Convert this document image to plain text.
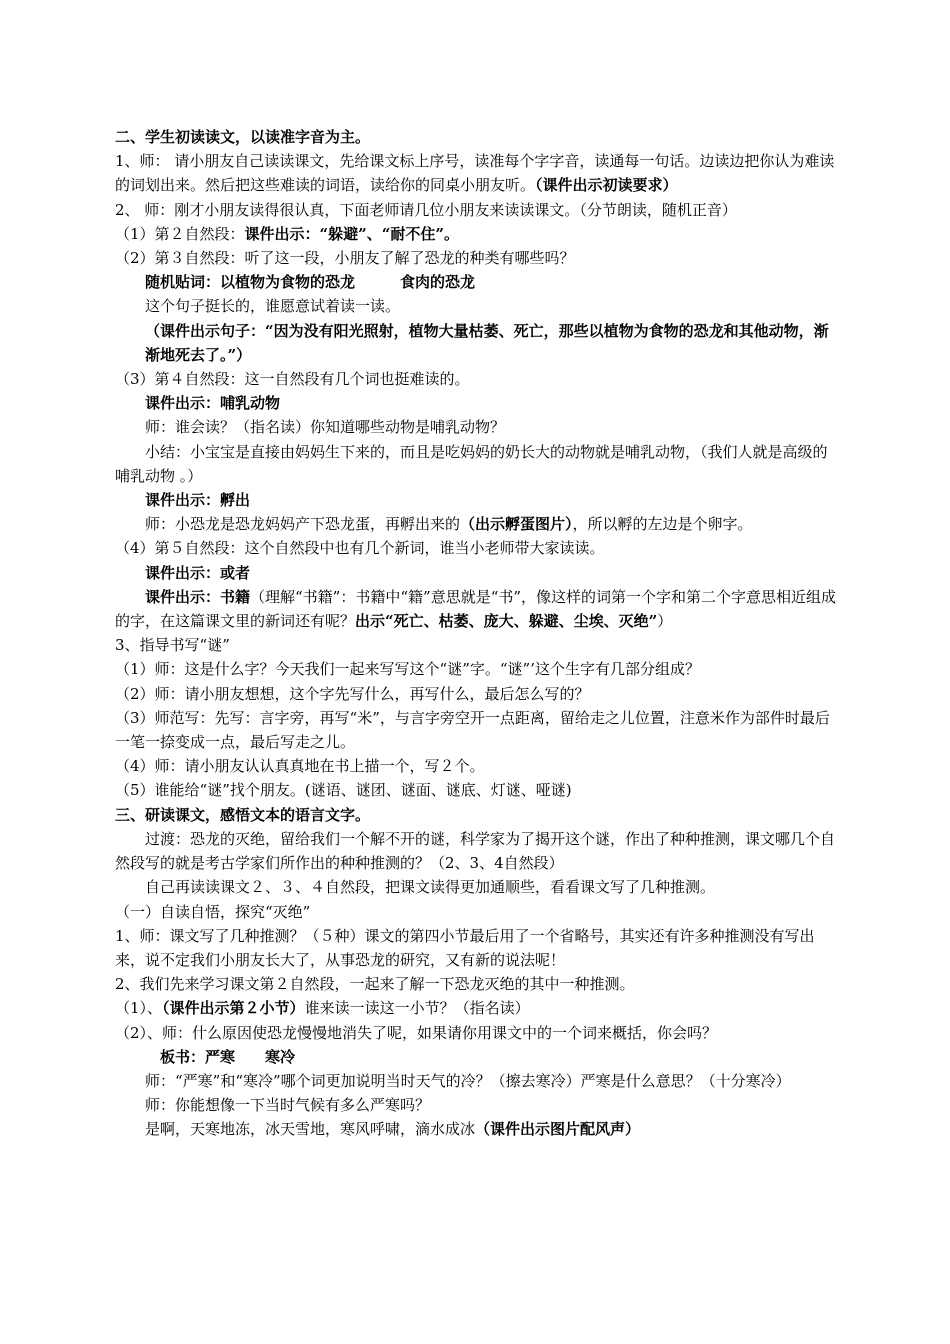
二、学生初读读文，以读准字音为主。

1、师： 请小朋友自己读读课文，先给课文标上序号，读准每个字字音，读通每一句话。边读边把你认为难读的词划出来。然后把这些难读的词语，读给你的同桌小朋友听。（课件出示初读要求）

2、 师：刚才小朋友读得很认真，下面老师请几位小朋友来读读课文。（分节朗读，随机正音）

（1）第２自然段：课件出示：“躲避”、“耐不住”。

（2）第３自然段：听了这一段，小朋友了解了恐龙的种类有哪些吗？

随机贴词：以植物为食物的恐龙　　　食肉的恐龙

这个句子挺长的，谁愿意试着读一读。

（课件出示句子：“因为没有阳光照射，植物大量枯萎、死亡，那些以植物为食物的恐龙和其他动物，渐渐地死去了。”）

（3）第４自然段：这一自然段有几个词也挺难读的。

课件出示：哺乳动物

师：谁会读？（指名读）你知道哪些动物是哺乳动物？

小结：小宝宝是直接由妈妈生下来的，而且是吃妈妈的奶长大的动物就是哺乳动物，（我们人就是高级的哺乳动物 。）

课件出示：孵出

师：小恐龙是恐龙妈妈产下恐龙蛋，再孵出来的（出示孵蛋图片），所以孵的左边是个卵字。

（4）第５自然段：这个自然段中也有几个新词，谁当小老师带大家读读。

课件出示：或者

课件出示：书籍（理解“书籍”：书籍中“籍”意思就是“书”，像这样的词第一个字和第二个字意思相近组成的字，在这篇课文里的新词还有呢？出示“死亡、枯萎、庞大、躲避、尘埃、灭绝”）

3、指导书写“谜”

（1）师：这是什么字？今天我们一起来写写这个“谜”字。“谜”’这个生字有几部分组成？

（2）师：请小朋友想想，这个字先写什么，再写什么，最后怎么写的？

（3）师范写：先写：言字旁，再写“米”，与言字旁空开一点距离，留给走之儿位置，注意米作为部件时最后一笔一捺变成一点，最后写走之儿。

（4）师：请小朋友认认真真地在书上描一个，写２个。

（5）谁能给“谜”找个朋友。(谜语、谜团、谜面、谜底、灯谜、哑谜)

三、研读课文，感悟文本的语言文字。

过渡：恐龙的灭绝，留给我们一个解不开的谜，科学家为了揭开这个谜，作出了种种推测，课文哪几个自然段写的就是考古学家们所作出的种种推测的？（2、3、4自然段）

自己再读读课文２、３、４自然段，把课文读得更加通顺些，看看课文写了几种推测。

（一）自读自悟，探究“灭绝”

1、师：课文写了几种推测？（５种）课文的第四小节最后用了一个省略号，其实还有许多种推测没有写出来，说不定我们小朋友长大了，从事恐龙的研究，又有新的说法呢！

2、我们先来学习课文第２自然段，一起来了解一下恐龙灭绝的其中一种推测。

（1）、（课件出示第２小节）谁来读一读这一小节？（指名读）

（2）、师：什么原因使恐龙慢慢地消失了呢，如果请你用课文中的一个词来概括，你会吗？

板书：严寒　　寒冷

师：“严寒”和“寒冷”哪个词更加说明当时天气的冷？（擦去寒冷）严寒是什么意思？（十分寒冷）

师：你能想像一下当时气候有多么严寒吗？

是啊，天寒地冻，冰天雪地，寒风呼啸，滴水成冰（课件出示图片配风声）
